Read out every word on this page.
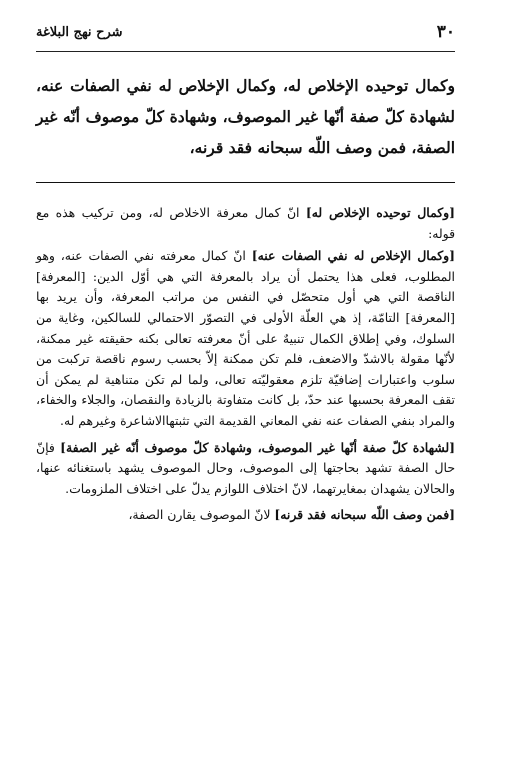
٣٠
شرح نهج البلاغة

وكمال توحيده الإخلاص له، وكمال الإخلاص له نفي الصفات عنه، لشهادة كلّ صفة أنّها غير الموصوف، وشهادة كلّ موصوف أنّه غير الصفة، فمن وصف اللّه سبحانه فقد قرنه،

[وكمال توحيده الإخلاص له] انّ كمال معرفة الاخلاص له، ومن تركيب هذه مع قوله:

[وكمال الإخلاص له نفي الصفات عنه] انّ كمال معرفته نفي الصفات عنه، وهو المطلوب، فعلى هذا يحتمل أن يراد بالمعرفة التي هي أوّل الدين: [المعرفة] الناقصة التي هي أول متحصّل في النفس من مراتب المعرفة، وأن يريد بها [المعرفة] التامّة، إذ هي العلّة الأولى في التصوّر الاحتمالي للسالكين، وغاية من السلوك، وفي إطلاق الكمال تنبيهٌ على أنّ معرفته تعالى بكنه حقيقته غير ممكنة، لأنّها مقولة بالاشدّ والاضعف، فلم تكن ممكنة إلاّ بحسب رسوم ناقصة تركبت من سلوب واعتبارات إضافيّة تلزم معقوليّته تعالى، ولما لم تكن متناهية لم يمكن أن تقف المعرفة بحسبها عند حدّ، بل كانت متفاوتة بالزيادة والنقصان، والجلاء والخفاء، والمراد بنفي الصفات عنه نفي المعاني القديمة التي تثبتهاالاشاعرة وغيرهم له.

[لشهادة كلّ صفة أنّها غير الموصوف، وشهادة كلّ موصوف أنّه غير الصفة] فإنّ حال الصفة تشهد بحاجتها إلى الموصوف، وحال الموصوف يشهد باستغنائه عنها، والحالان يشهدان بمغايرتهما، لانّ اختلاف اللوازم يدلّ على اختلاف الملزومات.

[فمن وصف اللّه سبحانه فقد قرنه] لانّ الموصوف يقارن الصفة،
